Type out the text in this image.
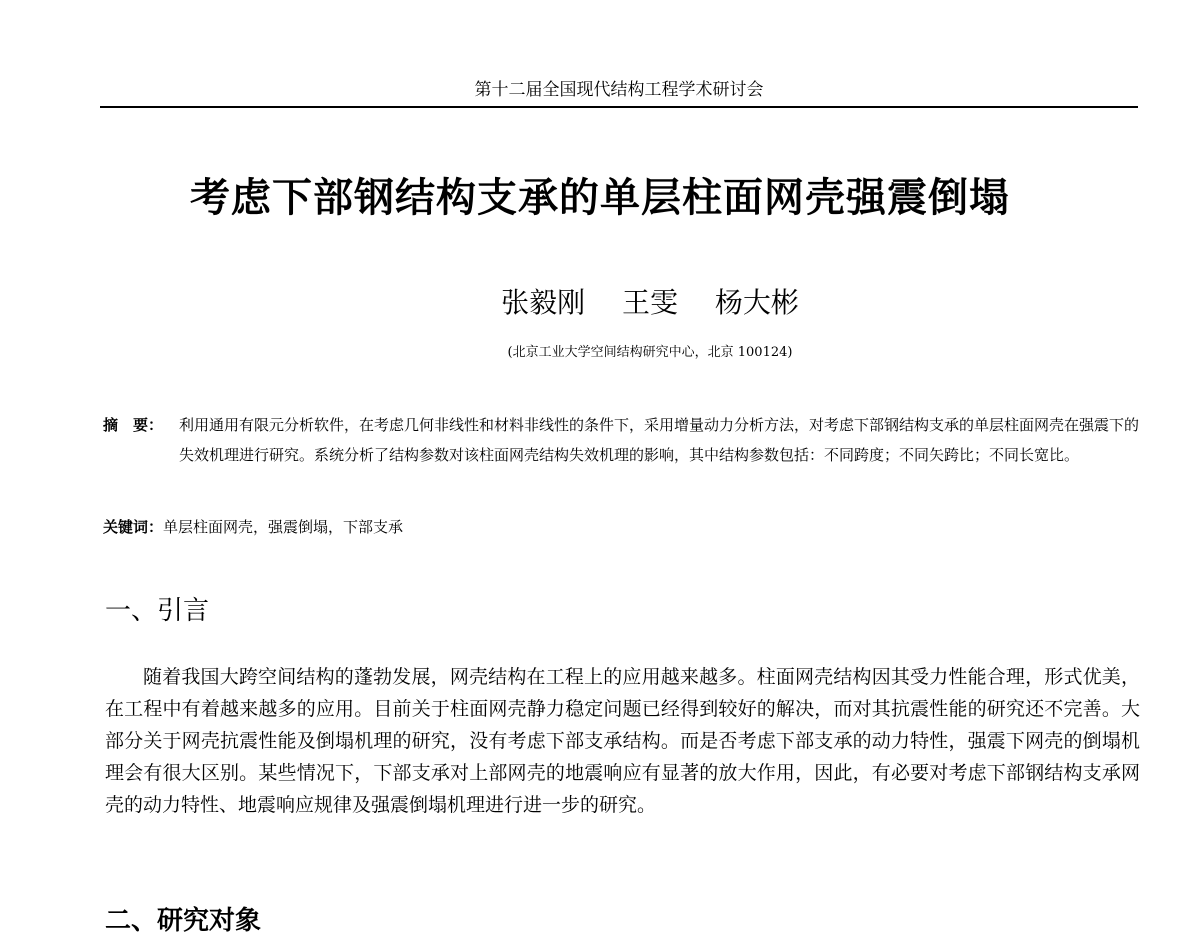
第十二届全国现代结构工程学术研讨会
考虑下部钢结构支承的单层柱面网壳强震倒塌
张毅刚 王雯 杨大彬
(北京工业大学空间结构研究中心，北京 100124)
摘　要：	利用通用有限元分析软件，在考虑几何非线性和材料非线性的条件下，采用增量动力分析方法，对考虑下部钢结构支承的单层柱面网壳在强震下的失效机理进行研究。系统分析了结构参数对该柱面网壳结构失效机理的影响，其中结构参数包括：不同跨度；不同矢跨比；不同长宽比。
关键词：单层柱面网壳，强震倒塌，下部支承
一、引言
随着我国大跨空间结构的蓬勃发展，网壳结构在工程上的应用越来越多。柱面网壳结构因其受力性能合理，形式优美，在工程中有着越来越多的应用。目前关于柱面网壳静力稳定问题已经得到较好的解决，而对其抗震性能的研究还不完善。大部分关于网壳抗震性能及倒塌机理的研究，没有考虑下部支承结构。而是否考虑下部支承的动力特性，强震下网壳的倒塌机理会有很大区别。某些情况下，下部支承对上部网壳的地震响应有显著的放大作用，因此，有必要对考虑下部钢结构支承网壳的动力特性、地震响应规律及强震倒塌机理进行进一步的研究。
二、研究对象
